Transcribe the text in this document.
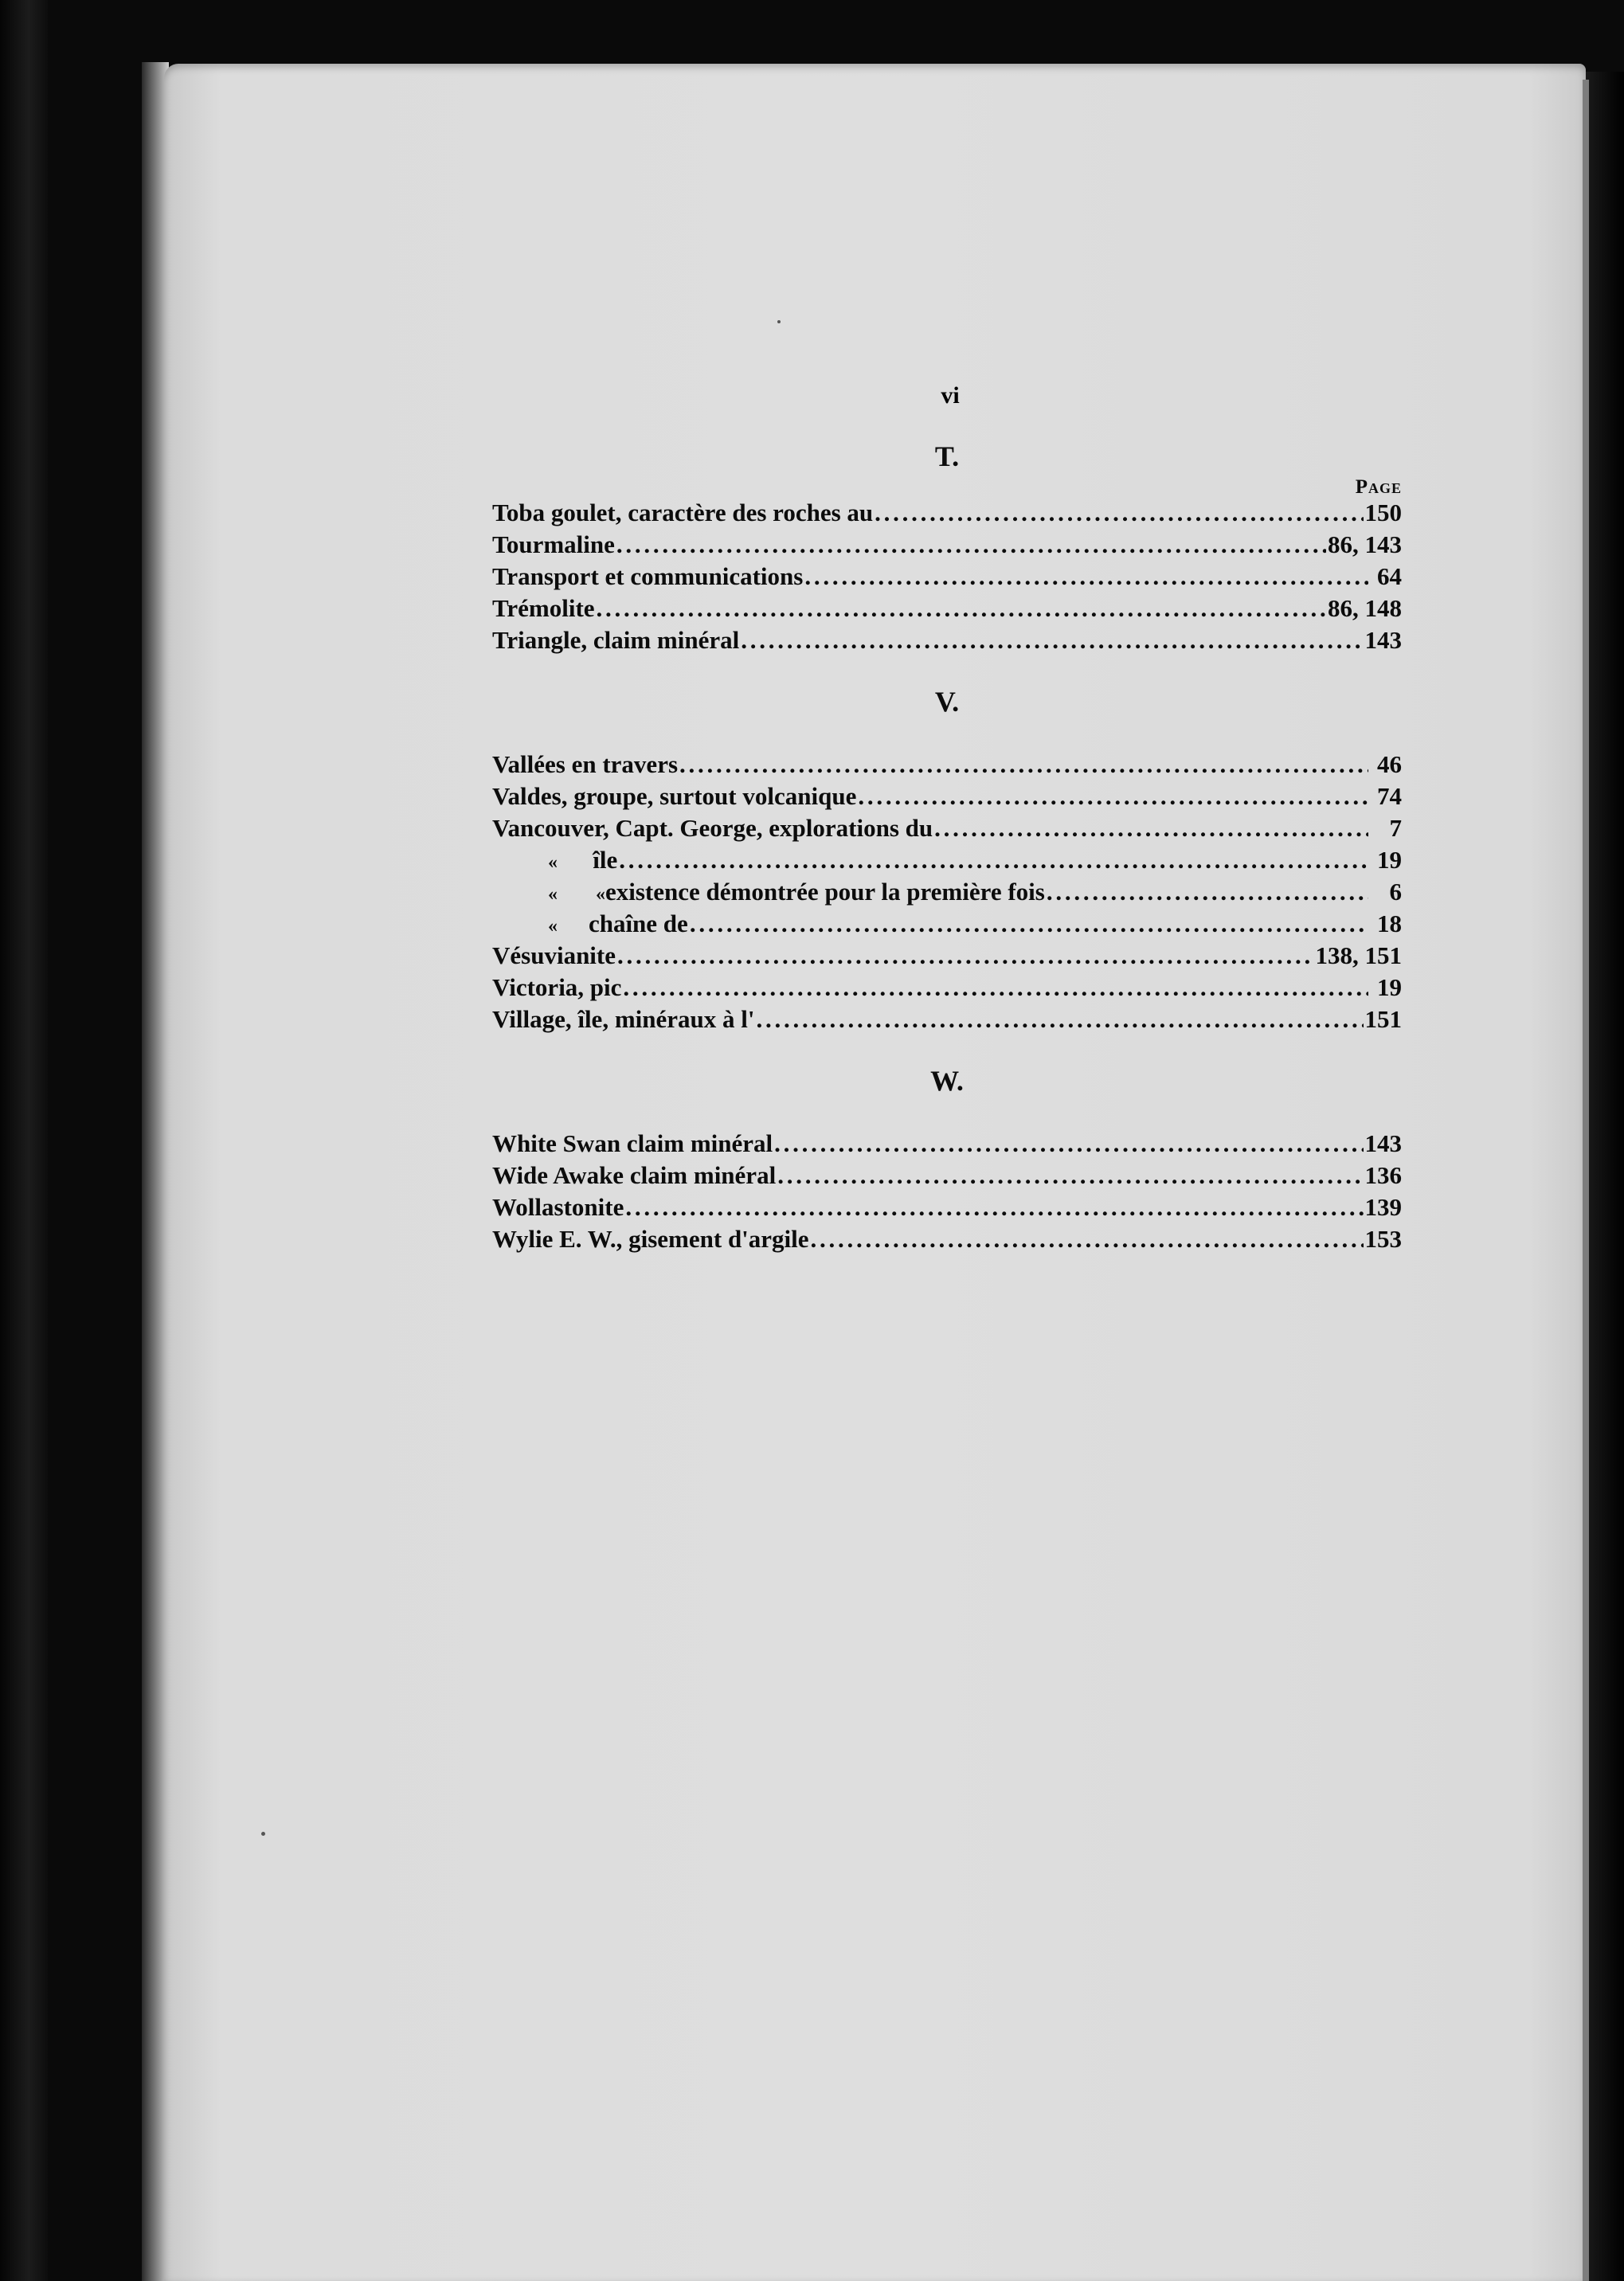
vi
T.
Page
Toba goulet, caractère des roches au . . .	150
Tourmaline . . .	86, 143
Transport et communications . . .	64
Trémolite . . .	86, 148
Triangle, claim minéral . . .	143
V.
Vallées en travers . . .	46
Valdes, groupe, surtout volcanique . . .	74
Vancouver, Capt. George, explorations du . . .	7
«	île . . .	19
«        « existence démontrée pour la première fois . . .	6
«	chaîne de . . .	18
Vésuvianite . . .	138, 151
Victoria, pic . . .	19
Village, île, minéraux à l' . . .	151
W.
White Swan claim minéral . . .	143
Wide Awake claim minéral . . .	136
Wollastonite . . .	139
Wylie E. W., gisement d'argile . . .	153
